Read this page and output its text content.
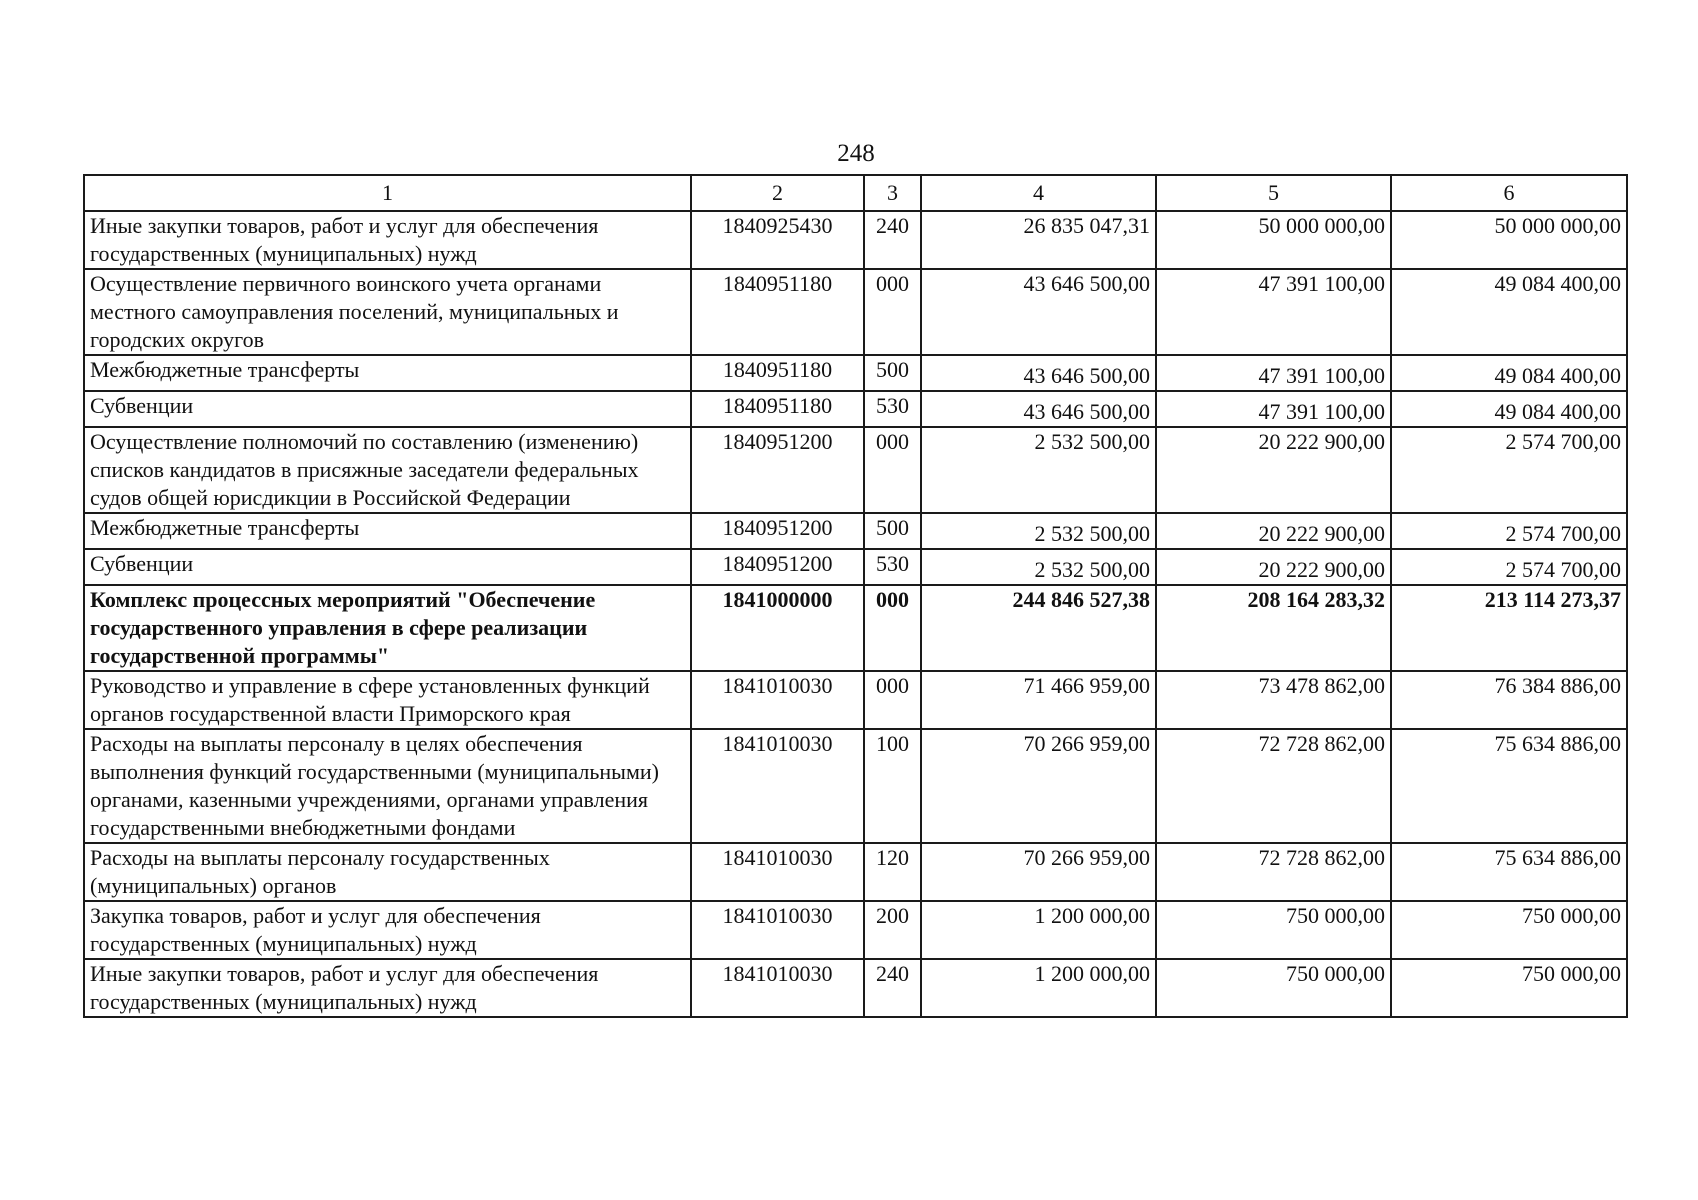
248
1	2	3	4	5	6
Иные закупки товаров, работ и услуг для обеспечения государственных (муниципальных) нужд	1840925430	240	26 835 047,31	50 000 000,00	50 000 000,00
Осуществление первичного воинского учета органами местного самоуправления поселений, муниципальных и городских округов	1840951180	000	43 646 500,00	47 391 100,00	49 084 400,00
Межбюджетные трансферты	1840951180	500	43 646 500,00	47 391 100,00	49 084 400,00
Субвенции	1840951180	530	43 646 500,00	47 391 100,00	49 084 400,00
Осуществление полномочий по составлению (изменению) списков кандидатов в присяжные заседатели федеральных судов общей юрисдикции в Российской Федерации	1840951200	000	2 532 500,00	20 222 900,00	2 574 700,00
Межбюджетные трансферты	1840951200	500	2 532 500,00	20 222 900,00	2 574 700,00
Субвенции	1840951200	530	2 532 500,00	20 222 900,00	2 574 700,00
Комплекс процессных мероприятий "Обеспечение государственного управления в сфере реализации государственной программы"	1841000000	000	244 846 527,38	208 164 283,32	213 114 273,37
Руководство и управление в сфере установленных функций органов государственной власти Приморского края	1841010030	000	71 466 959,00	73 478 862,00	76 384 886,00
Расходы на выплаты персоналу в целях обеспечения выполнения функций государственными (муниципальными) органами, казенными учреждениями, органами управления государственными внебюджетными фондами	1841010030	100	70 266 959,00	72 728 862,00	75 634 886,00
Расходы на выплаты персоналу государственных (муниципальных) органов	1841010030	120	70 266 959,00	72 728 862,00	75 634 886,00
Закупка товаров, работ и услуг для обеспечения государственных (муниципальных) нужд	1841010030	200	1 200 000,00	750 000,00	750 000,00
Иные закупки товаров, работ и услуг для обеспечения государственных (муниципальных) нужд	1841010030	240	1 200 000,00	750 000,00	750 000,00
